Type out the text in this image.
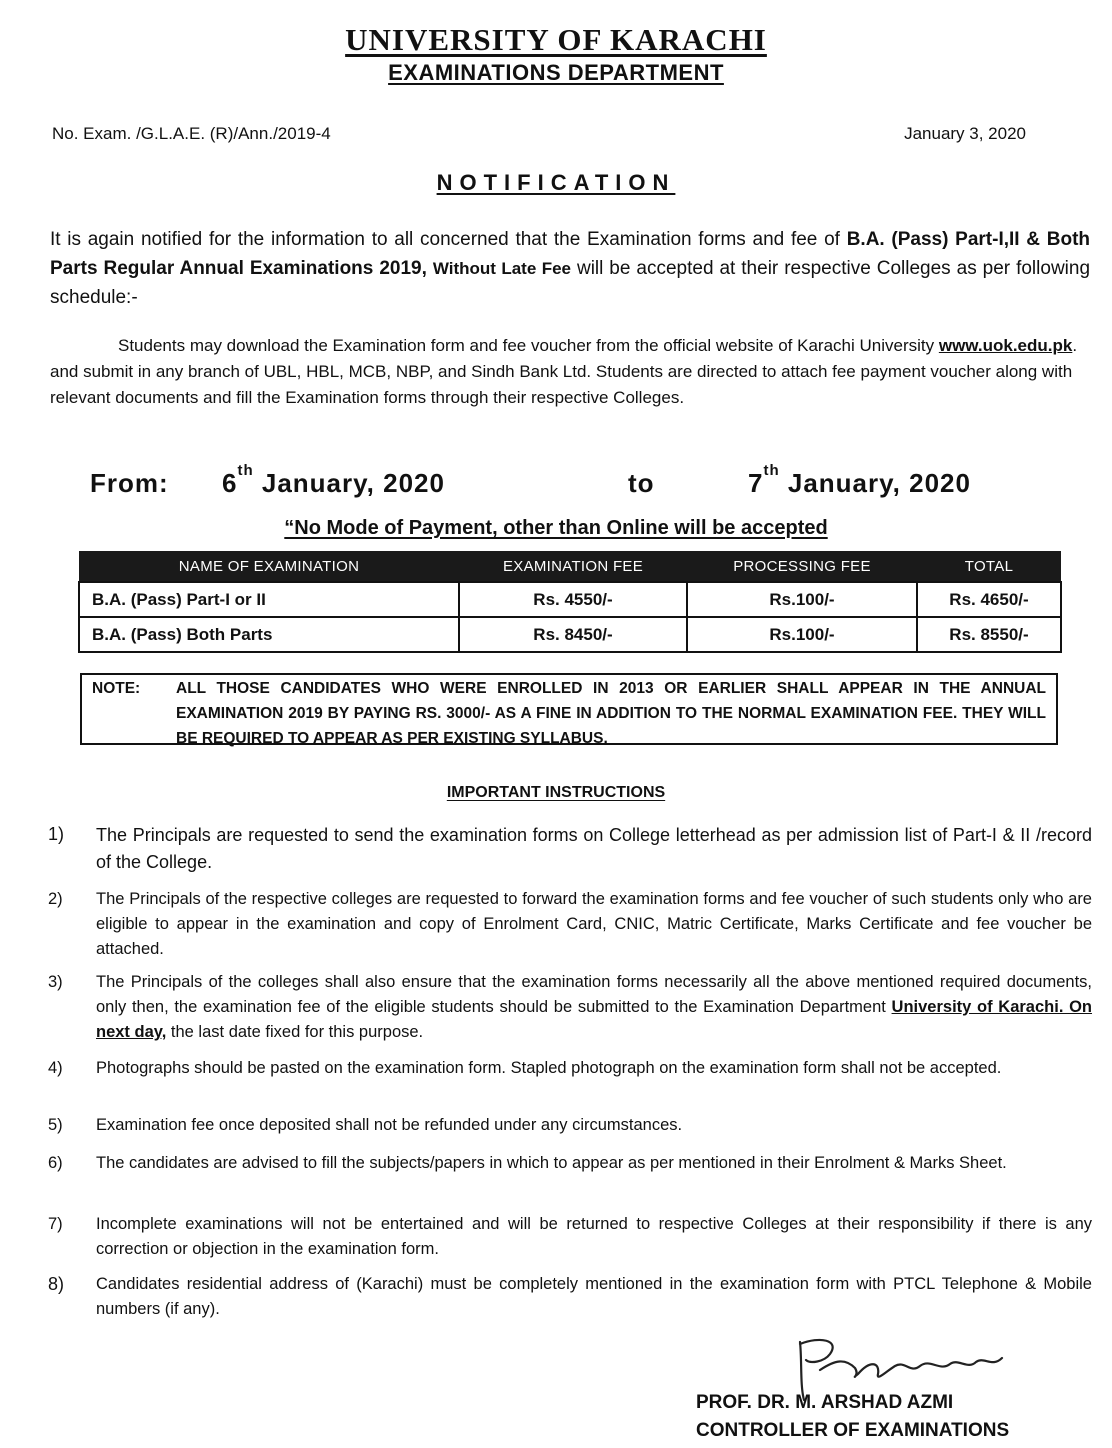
UNIVERSITY OF KARACHI
EXAMINATIONS DEPARTMENT
No. Exam. /G.L.A.E. (R)/Ann./2019-4	January 3, 2020
NOTIFICATION
It is again notified for the information to all concerned that the Examination forms and fee of B.A. (Pass) Part-I,II & Both Parts Regular Annual Examinations 2019, Without Late Fee will be accepted at their respective Colleges as per following schedule:-
Students may download the Examination form and fee voucher from the official website of Karachi University www.uok.edu.pk. and submit in any branch of UBL, HBL, MCB, NBP, and Sindh Bank Ltd. Students are directed to attach fee payment voucher along with relevant documents and fill the Examination forms through their respective Colleges.
From: 6th January, 2020	to	7th January, 2020
“No Mode of Payment, other than Online will be accepted
NAME OF EXAMINATION	EXAMINATION FEE	PROCESSING FEE	TOTAL
B.A. (Pass) Part-I or II	Rs. 4550/-	Rs.100/-	Rs. 4650/-
B.A. (Pass) Both Parts	Rs. 8450/-	Rs.100/-	Rs. 8550/-
NOTE: ALL THOSE CANDIDATES WHO WERE ENROLLED IN 2013 OR EARLIER SHALL APPEAR IN THE ANNUAL EXAMINATION 2019 BY PAYING RS. 3000/- AS A FINE IN ADDITION TO THE NORMAL EXAMINATION FEE. THEY WILL BE REQUIRED TO APPEAR AS PER EXISTING SYLLABUS.
IMPORTANT INSTRUCTIONS
1) The Principals are requested to send the examination forms on College letterhead as per admission list of Part-I & II /record of the College.
2) The Principals of the respective colleges are requested to forward the examination forms and fee voucher of such students only who are eligible to appear in the examination and copy of Enrolment Card, CNIC, Matric Certificate, Marks Certificate and fee voucher be attached.
3) The Principals of the colleges shall also ensure that the examination forms necessarily all the above mentioned required documents, only then, the examination fee of the eligible students should be submitted to the Examination Department University of Karachi. On next day, the last date fixed for this purpose.
4) Photographs should be pasted on the examination form. Stapled photograph on the examination form shall not be accepted.
5) Examination fee once deposited shall not be refunded under any circumstances.
6) The candidates are advised to fill the subjects/papers in which to appear as per mentioned in their Enrolment & Marks Sheet.
7) Incomplete examinations will not be entertained and will be returned to respective Colleges at their responsibility if there is any correction or objection in the examination form.
8) Candidates residential address of (Karachi) must be completely mentioned in the examination form with PTCL Telephone & Mobile numbers (if any).
PROF. DR. M. ARSHAD AZMI
CONTROLLER OF EXAMINATIONS
